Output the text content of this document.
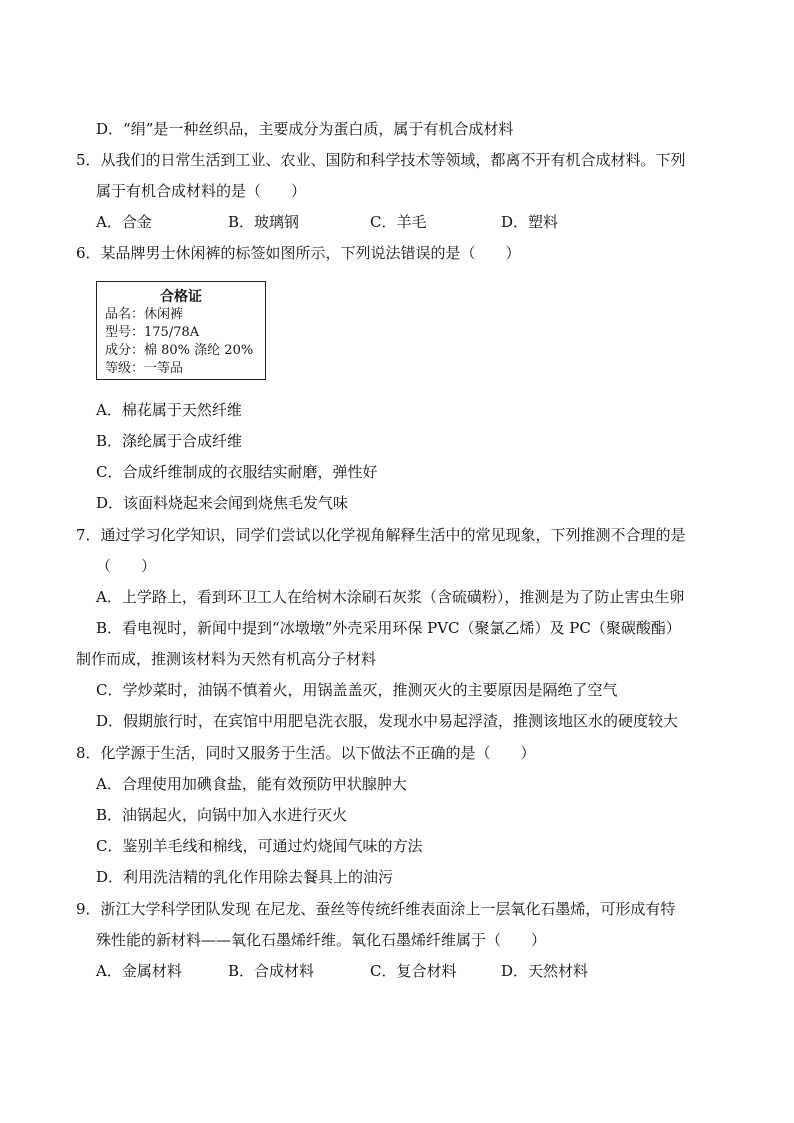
D．“绢”是一种丝织品，主要成分为蛋白质，属于有机合成材料
5．从我们的日常生活到工业、农业、国防和科学技术等领域，都离不开有机合成材料。下列
属于有机合成材料的是（　　）
A．合金	B．玻璃钢	C．羊毛	D．塑料
6．某品牌男士休闲裤的标签如图所示，下列说法错误的是（　　）
合格证
品名：休闲裤
型号：175/78A
成分：棉 80% 涤纶 20%
等级：一等品
A．棉花属于天然纤维
B．涤纶属于合成纤维
C．合成纤维制成的衣服结实耐磨，弹性好
D．该面料烧起来会闻到烧焦毛发气味
7．通过学习化学知识，同学们尝试以化学视角解释生活中的常见现象，下列推测不合理的是
（　　）
A．上学路上，看到环卫工人在给树木涂刷石灰浆（含硫磺粉），推测是为了防止害虫生卵
B．看电视时，新闻中提到“冰墩墩”外壳采用环保 PVC（聚氯乙烯）及 PC（聚碳酸酯）
制作而成，推测该材料为天然有机高分子材料
C．学炒菜时，油锅不慎着火，用锅盖盖灭，推测灭火的主要原因是隔绝了空气
D．假期旅行时，在宾馆中用肥皂洗衣服，发现水中易起浮渣，推测该地区水的硬度较大
8．化学源于生活，同时又服务于生活。以下做法不正确的是（　　）
A．合理使用加碘食盐，能有效预防甲状腺肿大
B．油锅起火，向锅中加入水进行灭火
C．鉴别羊毛线和棉线，可通过灼烧闻气味的方法
D．利用洗洁精的乳化作用除去餐具上的油污
9．浙江大学科学团队发现 在尼龙、蚕丝等传统纤维表面涂上一层氧化石墨烯，可形成有特
殊性能的新材料——氧化石墨烯纤维。氧化石墨烯纤维属于（　　）
A．金属材料	B．合成材料	C．复合材料	D．天然材料
